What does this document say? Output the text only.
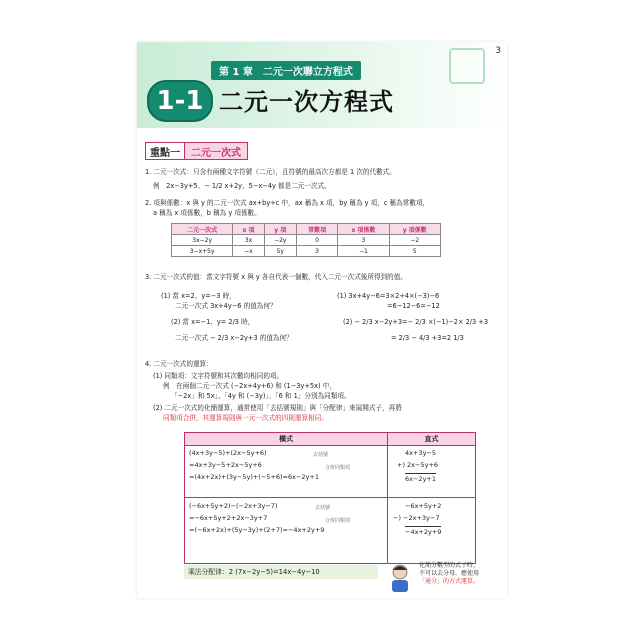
3
第 1 章　二元一次聯立方程式
1-1 二元一次方程式
重點一	二元一次式
1. 二元一次式：只含有兩種文字符號（二元），且符號的最高次方都是 1 次的代數式。
例　2x−3y+5、− 1/2 x+2y、5−x−4y 都是二元一次式。
2. 項與係數：x 與 y 的二元一次式 ax+by+c 中，ax 稱為 x 項，by 稱為 y 項，c 稱為常數項，
a 稱為 x 項係數，b 稱為 y 項係數。
二元一次式	x 項	y 項	常數項	x 項係數	y 項係數
3x−2y	3x	−2y	0	3	−2
3−x+5y	−x	5y	3	−1	5
3. 二元一次式的值：當文字符號 x 與 y 各自代表一個數，代入二元一次式後所得到的值。
(1) 當 x=2、y=−3 時，
二元一次式 3x+4y−6 的值為何？
(2) 當 x=−1、y= 2/3 時，
二元一次式 − 2/3 x−2y+3 的值為何？
(1) 3x+4y−6=3×2+4×(−3)−6
=6−12−6=−12
(2) − 2/3 x−2y+3=− 2/3 ×(−1)−2× 2/3 +3
= 2/3 − 4/3 +3=2 1/3
4. 二元一次式的運算：
(1) 同類項：文字符號和其次數均相同的項。
例　在兩個二元一次式 (−2x+4y+6) 和 (1−3y+5x) 中，
「−2x」和 5x」、「4y 和 (−3y)」、「6 和 1」分別為同類項。
(2) 二元一次式的化簡運算，通常使用「去括號規則」與「分配律」來展開式子，再將
同類項合併，其運算規則與一元一次式的四則運算相同。
橫式	直式
(4x+3y−5)+(2x−5y+6)
=4x+3y−5+2x−5y+6
=(4x+2x)+(3y−5y)+(−5+6)=6x−2y+1
去括號
合併同類項
4x+3y−5
+) 2x−5y+6
6x−2y+1
(−6x+5y+2)−(−2x+3y−7)
=−6x+5y+2+2x−3y+7
=(−6x+2x)+(5y−3y)+(2+7)=−4x+2y+9
去括號
合併同類項
−6x+5y+2
−) −2x+3y−7
−4x+2y+9
乘法分配律：2 (7x−2y−5)=14x−4y−10
化簡分數型的式子時，
不可以去分母，應使用
「通分」的方式運算。
